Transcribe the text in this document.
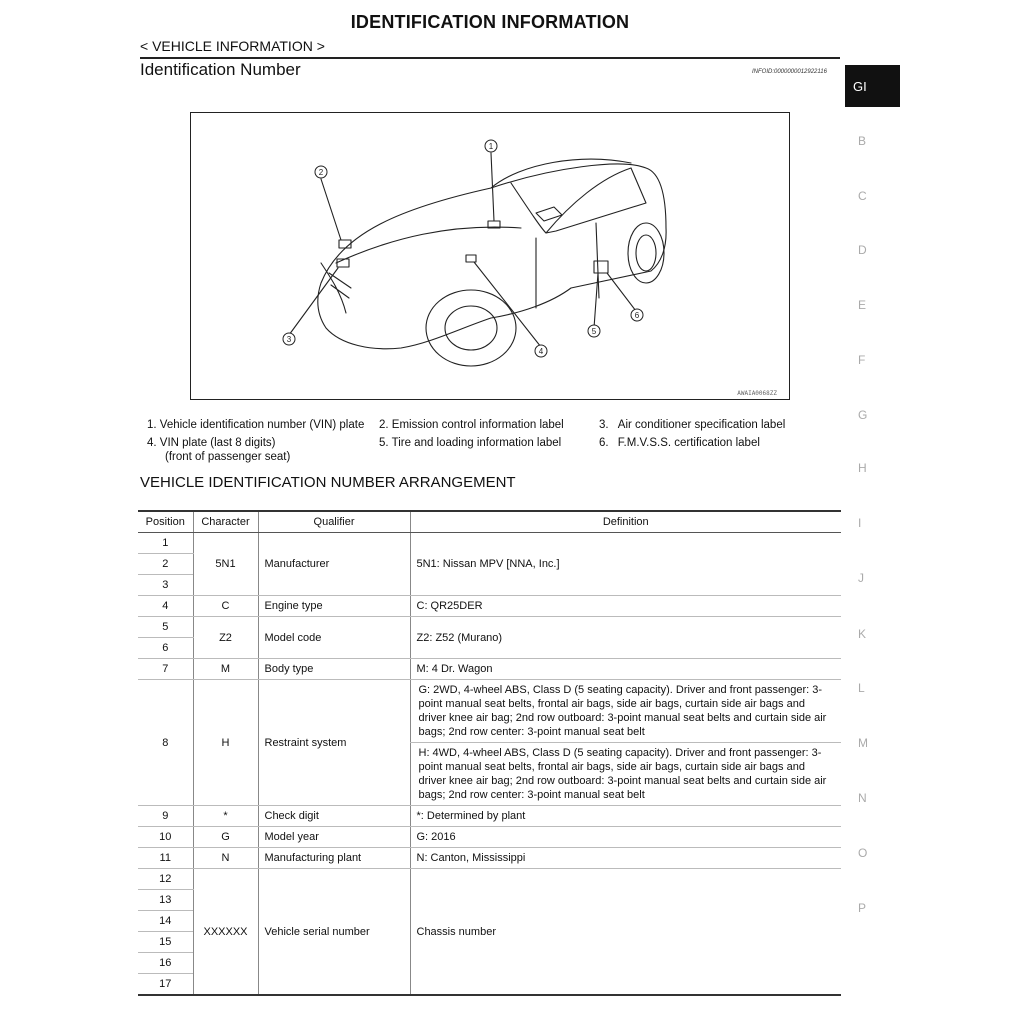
IDENTIFICATION INFORMATION
< VEHICLE INFORMATION >
Identification Number	INFOID:0000000012922116
GI
B
C
D
E
F
G
H
I
J
K
L
M
N
O
P
1
2
3
4
5
6
AWAIA0068ZZ
1. Vehicle identification number (VIN) plate 2. Emission control information label	3. Air conditioner specification label
4. VIN plate (last 8 digits)
(front of passenger seat)
5. Tire and loading information label	6. F.M.V.S.S. certification label
VEHICLE IDENTIFICATION NUMBER ARRANGEMENT
Position	Character	Qualifier	Definition
1	5N1	Manufacturer	5N1: Nissan MPV [NNA, Inc.]
2			
3			
4	C	Engine type	C: QR25DER
5	Z2	Model code	Z2: Z52 (Murano)
6			
7	M	Body type	M: 4 Dr. Wagon
8	H	Restraint system	G: 2WD, 4-wheel ABS, Class D (5 seating capacity). Driver and front passenger: 3-point manual seat belts, frontal air bags, side air bags, curtain side air bags and driver knee air bag; 2nd row outboard: 3-point manual seat belts and curtain side air bags; 2nd row center: 3-point manual seat belt
			H: 4WD, 4-wheel ABS, Class D (5 seating capacity). Driver and front passenger: 3-point manual seat belts, frontal air bags, side air bags, curtain side air bags and driver knee air bag; 2nd row outboard: 3-point manual seat belts and curtain side air bags; 2nd row center: 3-point manual seat belt
9	*	Check digit	*: Determined by plant
10	G	Model year	G: 2016
11	N	Manufacturing plant	N: Canton, Mississippi
12	XXXXXX	Vehicle serial number	Chassis number
13			
14			
15			
16			
17			
